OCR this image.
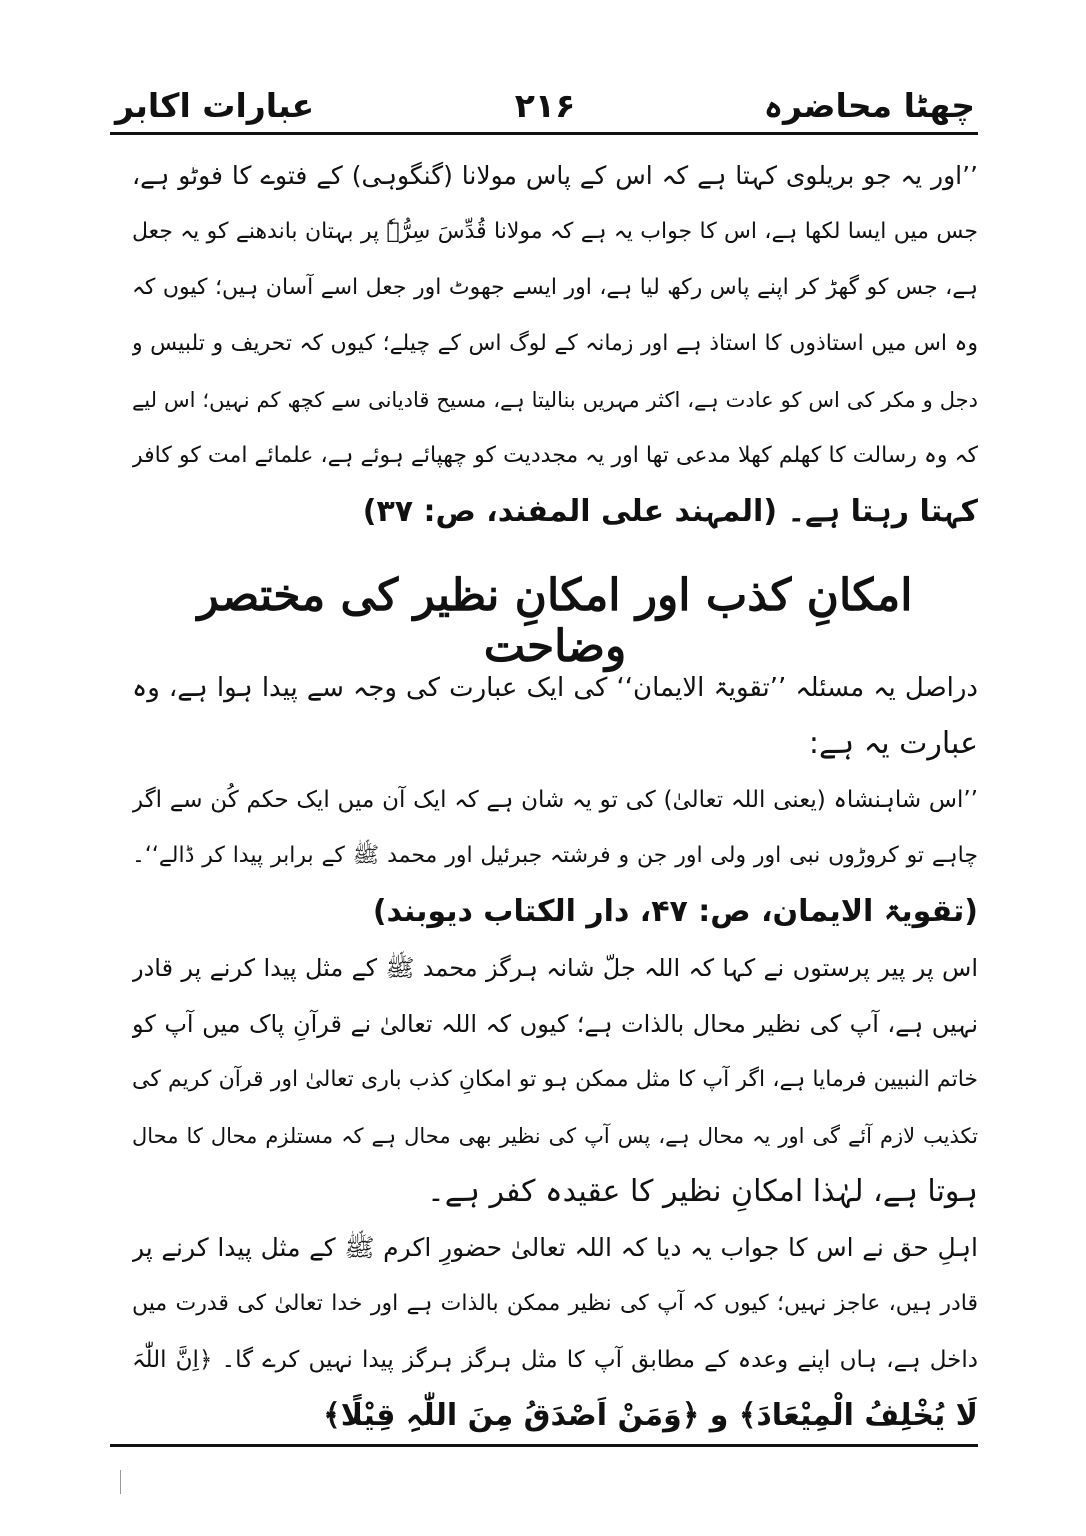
عبارات اکابر	۲۱۶	چھٹا محاضرہ
’’اور یہ جو بریلوی کہتا ہے کہ اس کے پاس مولانا (گنگوہی) کے فتوے کا فوٹو ہے،
جس میں ایسا لکھا ہے، اس کا جواب یہ ہے کہ مولانا قُدِّسَ سِرُّہٗ پر بہتان باندھنے کو یہ جعل
ہے، جس کو گھڑ کر اپنے پاس رکھ لیا ہے، اور ایسے جھوٹ اور جعل اسے آسان ہیں؛ کیوں کہ
وہ اس میں استاذوں کا استاذ ہے اور زمانہ کے لوگ اس کے چیلے؛ کیوں کہ تحریف و تلبیس و
دجل و مکر کی اس کو عادت ہے، اکثر مہریں بنالیتا ہے، مسیح قادیانی سے کچھ کم نہیں؛ اس لیے
کہ وہ رسالت کا کھلم کھلا مدعی تھا اور یہ مجددیت کو چھپائے ہوئے ہے، علمائے امت کو کافر
کہتا رہتا ہے۔ (المہند علی المفند، ص: ۳۷)
امکانِ کذب اور امکانِ نظیر کی مختصر وضاحت
دراصل یہ مسئلہ ’’تقویۃ الایمان‘‘ کی ایک عبارت کی وجہ سے پیدا ہوا ہے، وہ
عبارت یہ ہے:
’’اس شاہنشاہ (یعنی اللہ تعالیٰ) کی تو یہ شان ہے کہ ایک آن میں ایک حکم کُن سے اگر
چاہے تو کروڑوں نبی اور ولی اور جن و فرشتہ جبرئیل اور محمد ﷺ کے برابر پیدا کر ڈالے‘‘۔
(تقویۃ الایمان، ص: ۴۷، دار الکتاب دیوبند)
اس پر پیر پرستوں نے کہا کہ اللہ جلّ شانہ ہرگز محمد ﷺ کے مثل پیدا کرنے پر قادر
نہیں ہے، آپ کی نظیر محال بالذات ہے؛ کیوں کہ اللہ تعالیٰ نے قرآنِ پاک میں آپ کو
خاتم النبیین فرمایا ہے، اگر آپ کا مثل ممکن ہو تو امکانِ کذب باری تعالیٰ اور قرآن کریم کی
تکذیب لازم آئے گی اور یہ محال ہے، پس آپ کی نظیر بھی محال ہے کہ مستلزم محال کا محال
ہوتا ہے، لہٰذا امکانِ نظیر کا عقیدہ کفر ہے۔
اہلِ حق نے اس کا جواب یہ دیا کہ اللہ تعالیٰ حضورِ اکرم ﷺ کے مثل پیدا کرنے پر
قادر ہیں، عاجز نہیں؛ کیوں کہ آپ کی نظیر ممکن بالذات ہے اور خدا تعالیٰ کی قدرت میں
داخل ہے، ہاں اپنے وعدہ کے مطابق آپ کا مثل ہرگز ہرگز پیدا نہیں کرے گا۔ ﴿اِنَّ اللّٰہَ
لَا یُخْلِفُ الْمِیْعَادَ﴾ و ﴿وَمَنْ اَصْدَقُ مِنَ اللّٰہِ قِیْلًا﴾
